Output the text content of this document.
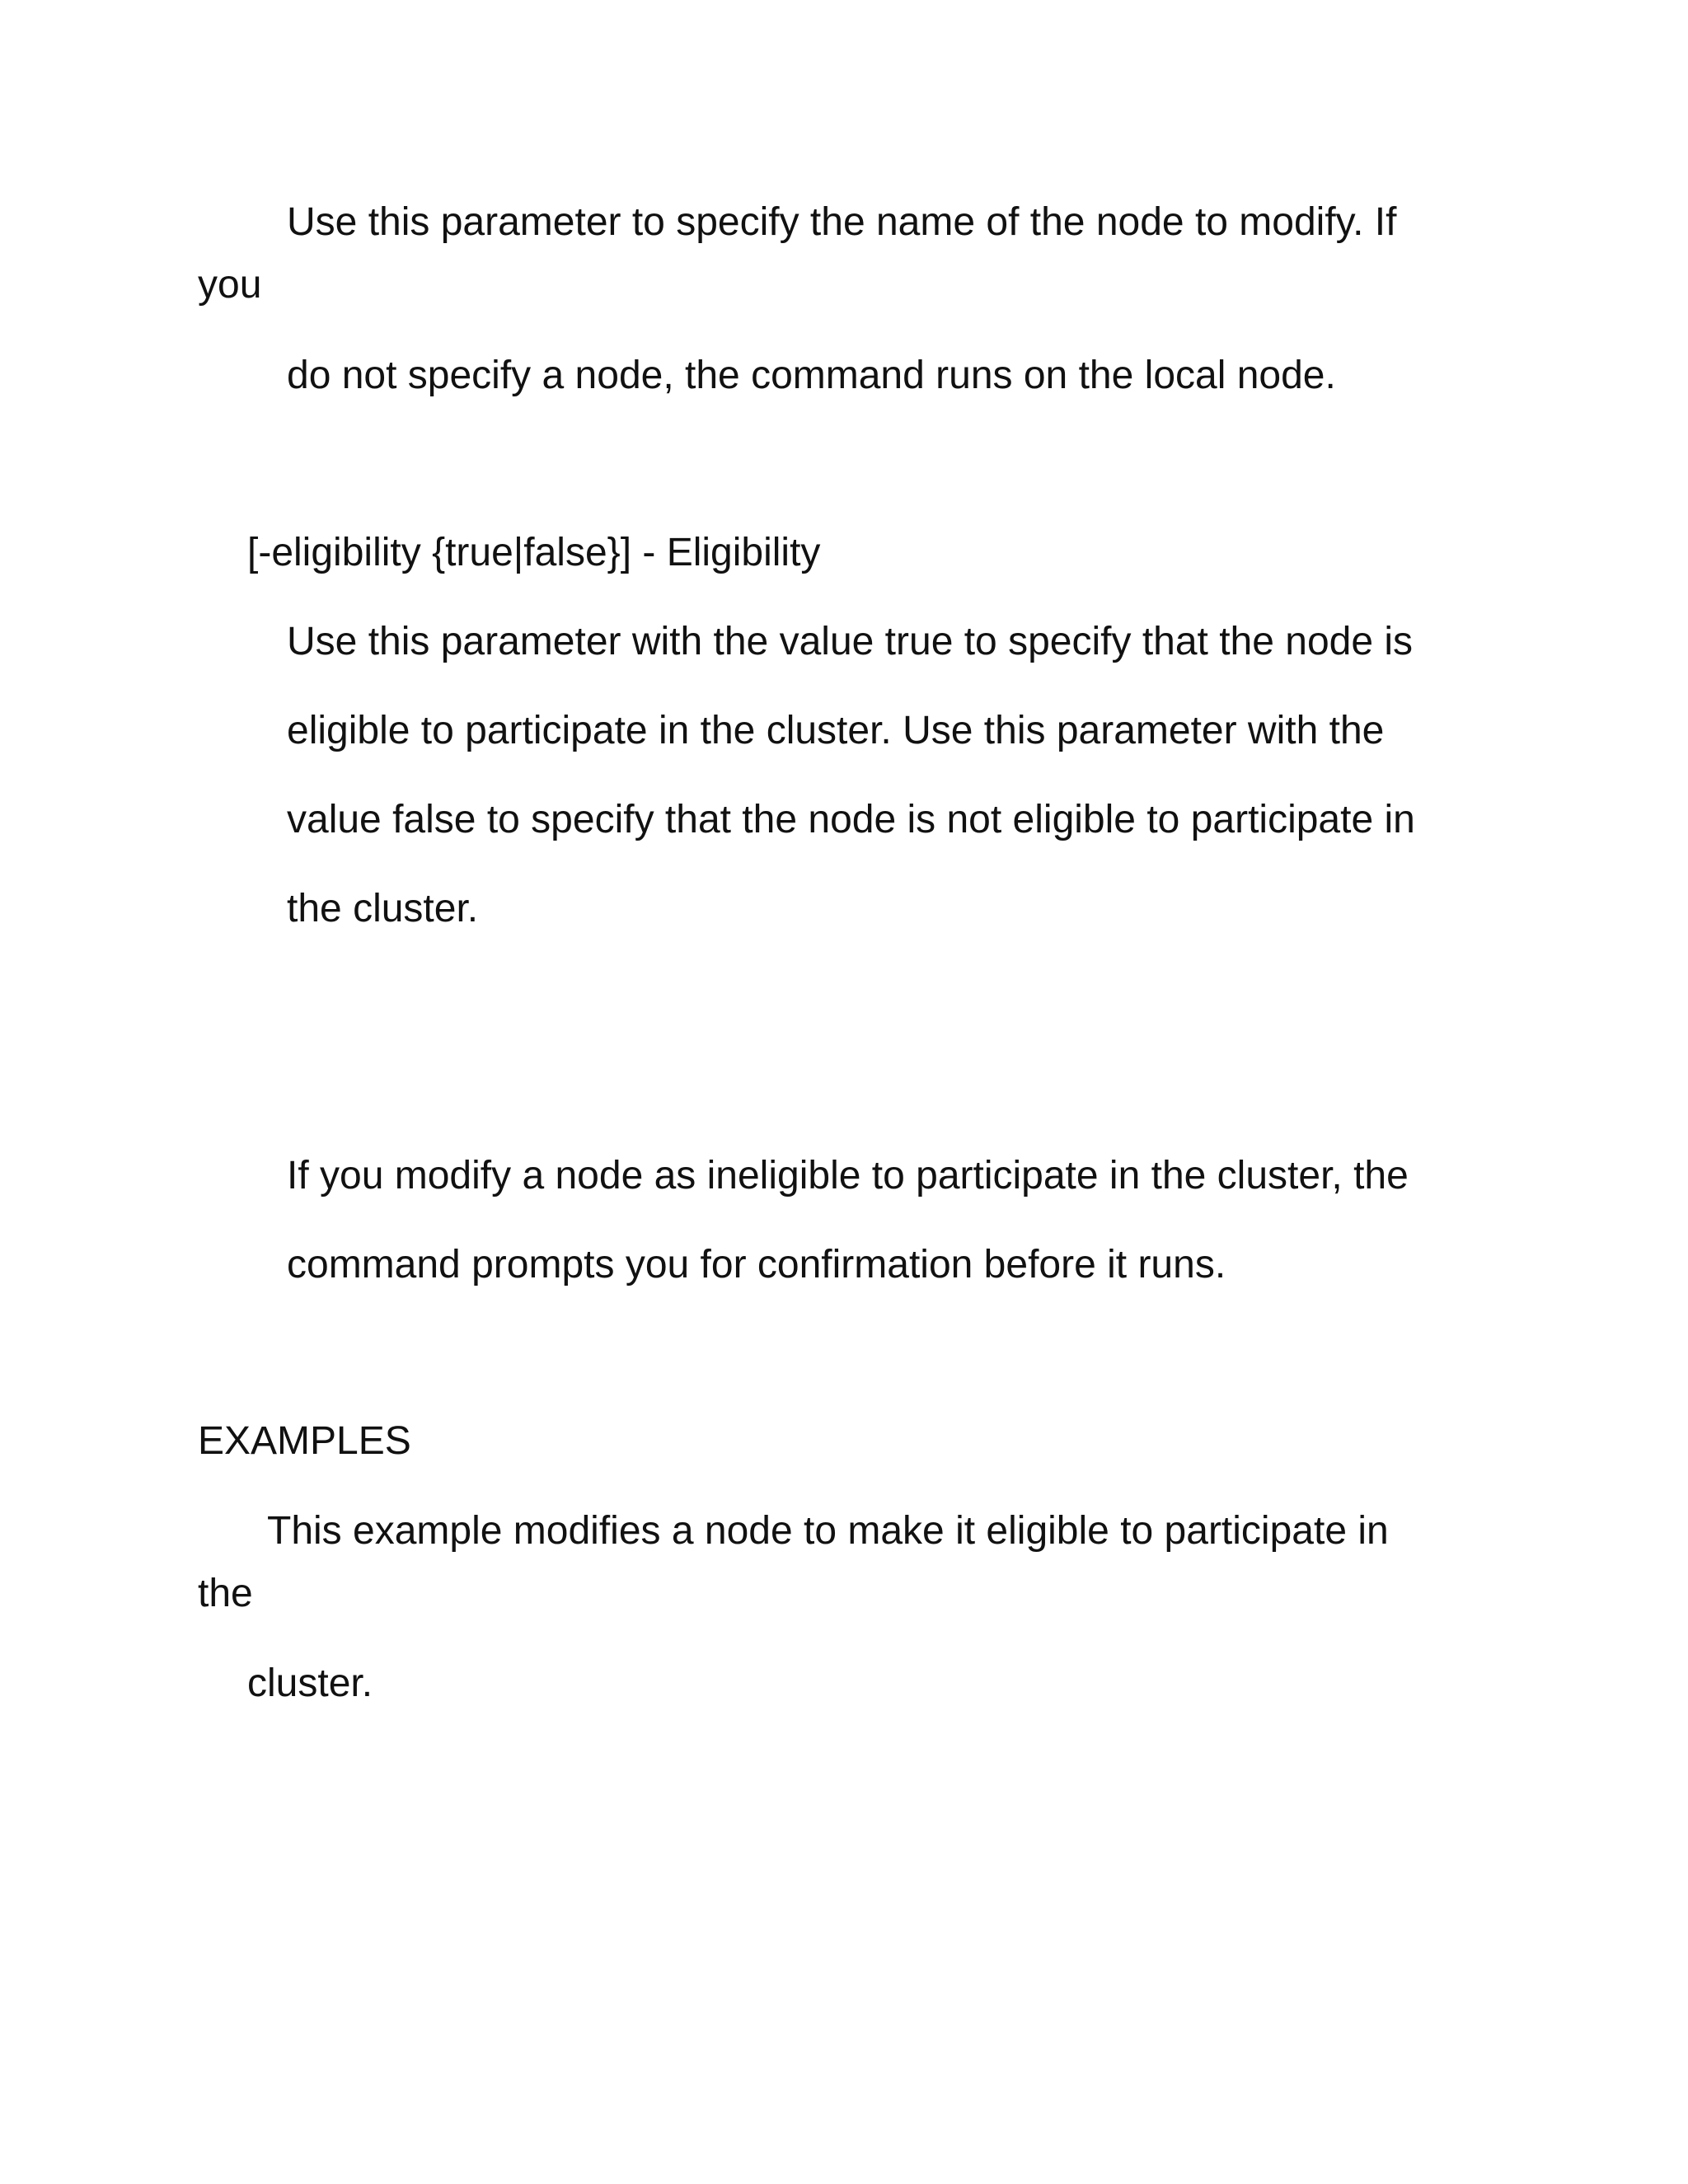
Use this parameter to specify the name of the node to modify. If

you

do not specify a node, the command runs on the local node.

[-eligibility {true|false}] - Eligibility

Use this parameter with the value true to specify that the node is

eligible to participate in the cluster. Use this parameter with the

value false to specify that the node is not eligible to participate in

the cluster.

If you modify a node as ineligible to participate in the cluster, the

command prompts you for confirmation before it runs.

EXAMPLES

This example modifies a node to make it eligible to participate in

the

cluster.
